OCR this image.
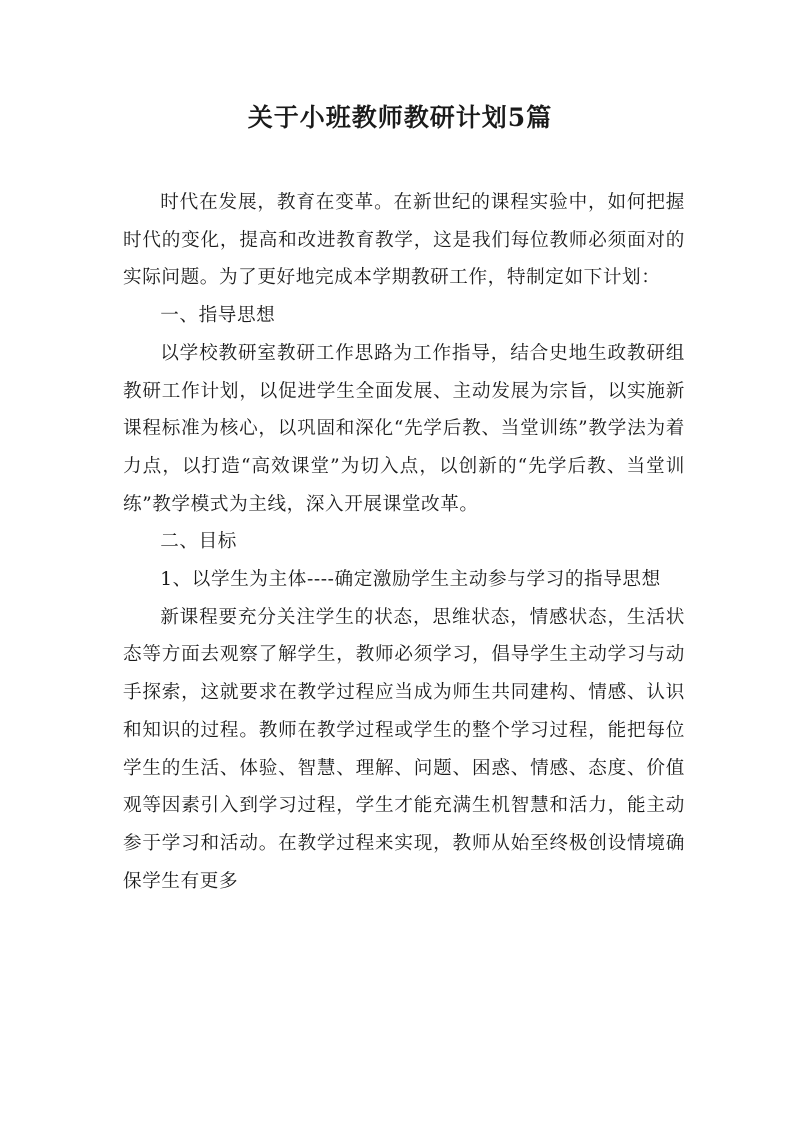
关于小班教师教研计划5篇

时代在发展，教育在变革。在新世纪的课程实验中，如何把握时代的变化，提高和改进教育教学，这是我们每位教师必须面对的实际问题。为了更好地完成本学期教研工作，特制定如下计划：

一、指导思想

以学校教研室教研工作思路为工作指导，结合史地生政教研组教研工作计划，以促进学生全面发展、主动发展为宗旨，以实施新课程标准为核心，以巩固和深化“先学后教、当堂训练”教学法为着力点，以打造“高效课堂”为切入点，以创新的“先学后教、当堂训练”教学模式为主线，深入开展课堂改革。

二、目标

1、以学生为主体----确定激励学生主动参与学习的指导思想

新课程要充分关注学生的状态，思维状态，情感状态，生活状态等方面去观察了解学生，教师必须学习，倡导学生主动学习与动手探索，这就要求在教学过程应当成为师生共同建构、情感、认识和知识的过程。教师在教学过程或学生的整个学习过程，能把每位学生的生活、体验、智慧、理解、问题、困惑、情感、态度、价值观等因素引入到学习过程，学生才能充满生机智慧和活力，能主动参于学习和活动。在教学过程来实现，教师从始至终极创设情境确保学生有更多
